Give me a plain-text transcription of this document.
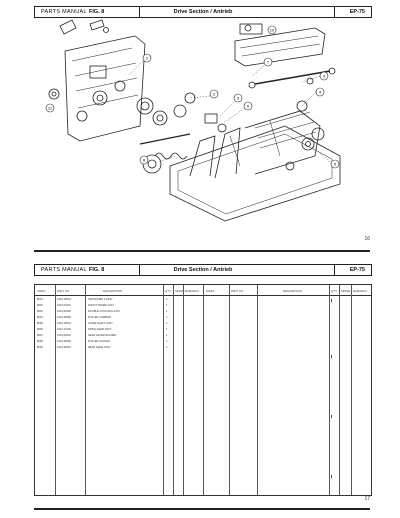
PARTS MANUAL FIG. 8	Drive Section / Antrieb	EP-75
1
2
3
4
5
6
7
8
9
10
11
16
PARTS MANUAL FIG. 8	Drive Section / Antrieb	EP-75
INDEX	PART NO.	DESCRIPTION	Q'TY SERIAL REMARKS	INDEX	PART NO.	DESCRIPTION	Q'TY SERIAL REMARKS
8001	1601-10010	TENSIONER 1 ASSY	1
8002	1601-50210	FRONT FRAME ASSY	1
8003	1601-50260	DOUBLE COUPLING ASSY	1
8004	1601-30080	ROLLER CARRIER	1
8005	1601-10010	GUIDE SHAFT ASSY	1
8006	1601-10120	DRIVE GEAR ASSY	1
8007	1601-50010	GEAR LEVER HOLDER	1
8008	1601-30050	ROLLER HOLDER	1
8009	1601-20010	REAR GEAR ASSY	1
17
